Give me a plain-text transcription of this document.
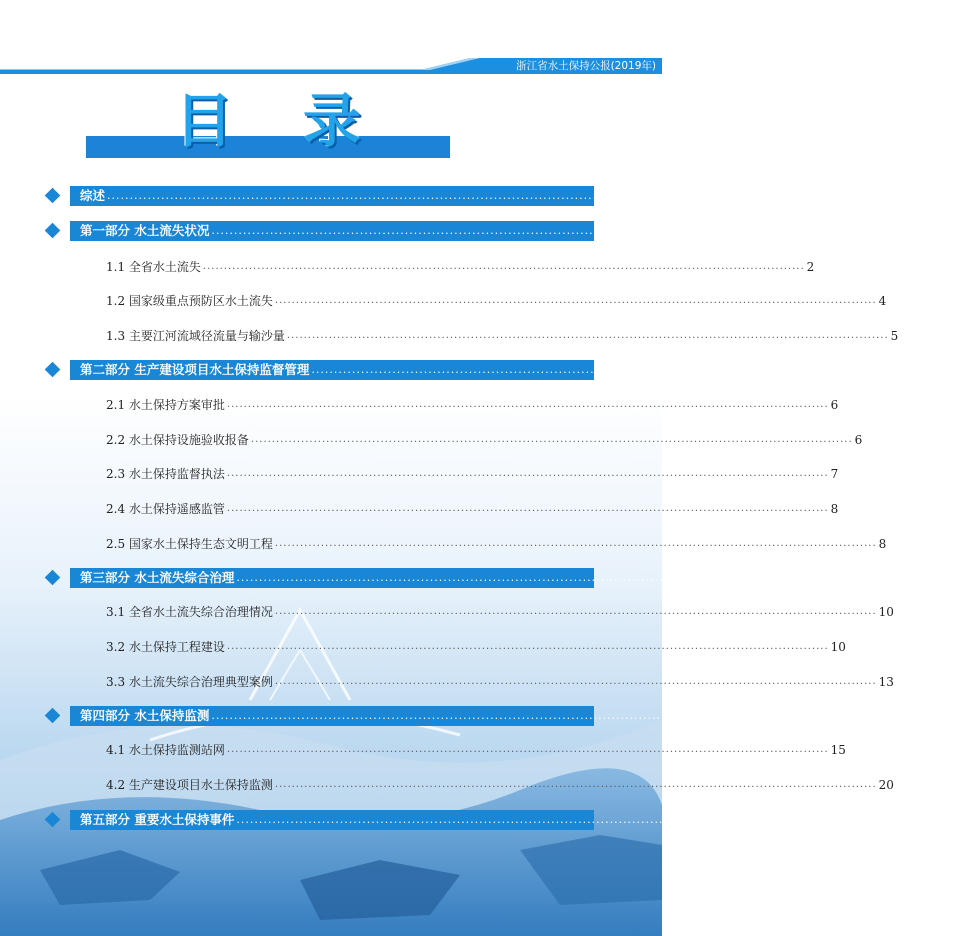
浙江省水土保持公报(2019年)
目录
综述 ................................................................................................................................................ 1
第一部分 水土流失状况 ................................................................................................................................................ 2
1.1 全省水土流失 ................................................................................................................................................ 2
1.2 国家级重点预防区水土流失 ................................................................................................................................................ 4
1.3 主要江河流域径流量与输沙量 ................................................................................................................................................ 5
第二部分 生产建设项目水土保持监督管理 ................................................................................................................................................ 6
2.1 水土保持方案审批 ................................................................................................................................................ 6
2.2 水土保持设施验收报备 ................................................................................................................................................ 6
2.3 水土保持监督执法 ................................................................................................................................................ 7
2.4 水土保持遥感监管 ................................................................................................................................................ 8
2.5 国家水土保持生态文明工程 ................................................................................................................................................ 8
第三部分 水土流失综合治理 ................................................................................................................................................ 10
3.1 全省水土流失综合治理情况 ................................................................................................................................................ 10
3.2 水土保持工程建设 ................................................................................................................................................ 10
3.3 水土流失综合治理典型案例 ................................................................................................................................................ 13
第四部分 水土保持监测 ................................................................................................................................................ 15
4.1 水土保持监测站网 ................................................................................................................................................ 15
4.2 生产建设项目水土保持监测 ................................................................................................................................................ 20
第五部分 重要水土保持事件 ................................................................................................................................................ 21
